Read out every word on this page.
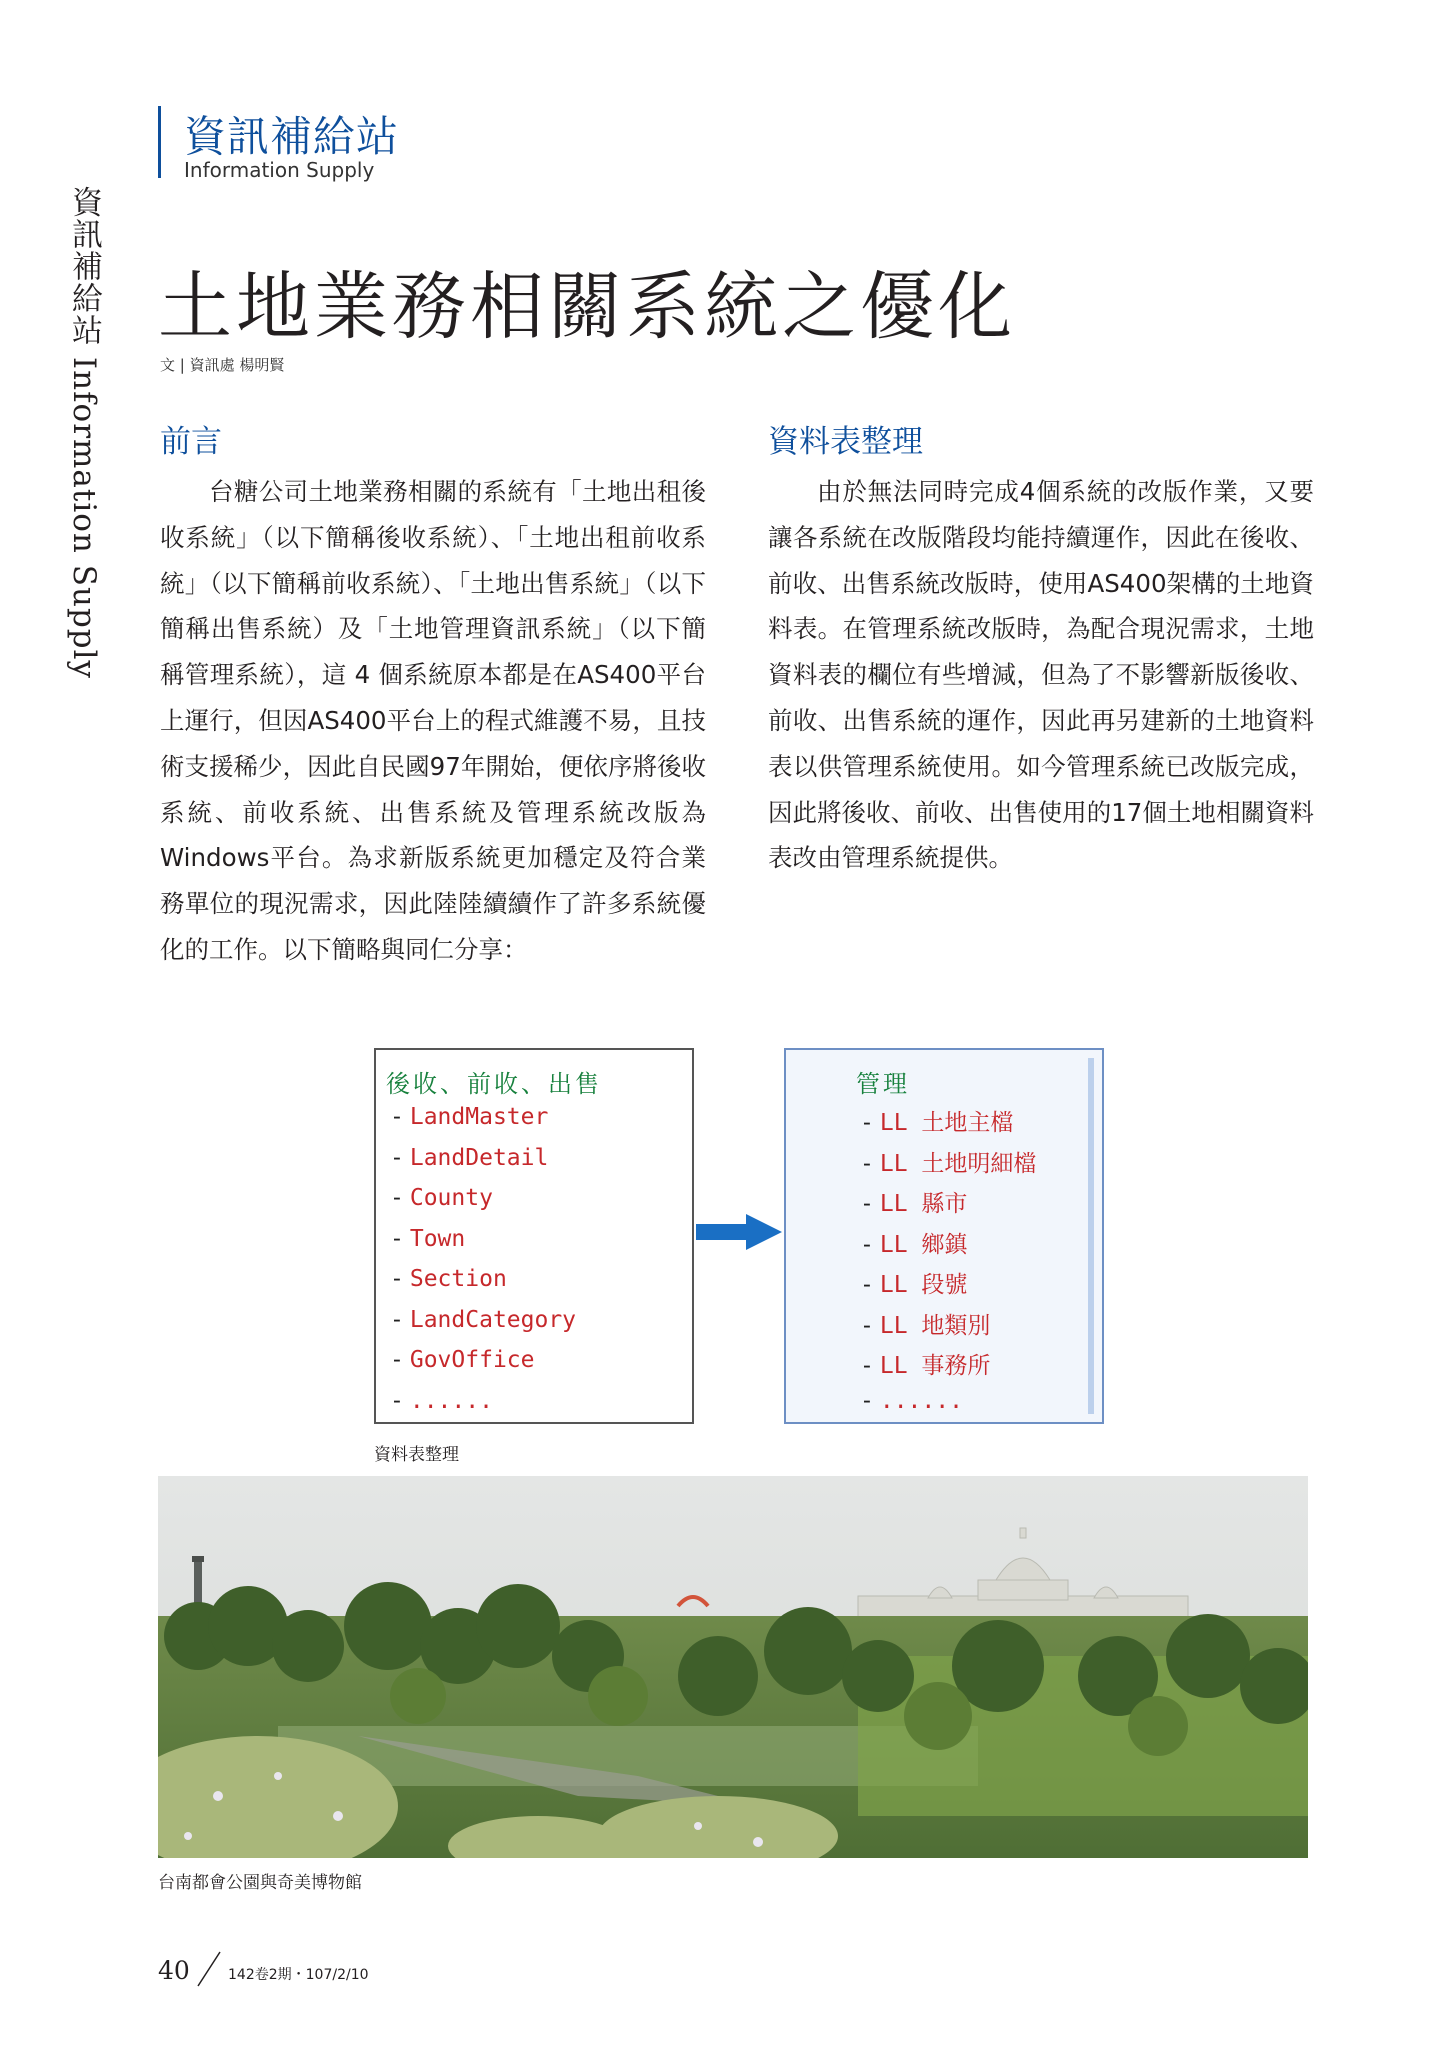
資訊補給站 Information Supply
資訊補給站
Information Supply
土地業務相關系統之優化
文 | 資訊處 楊明賢
前言

台糖公司土地業務相關的系統有「土地出租後收系統」（以下簡稱後收系統）、「土地出租前收系統」（以下簡稱前收系統）、「土地出售系統」（以下簡稱出售系統）及「土地管理資訊系統」（以下簡稱管理系統），這 4 個系統原本都是在AS400平台上運行，但因AS400平台上的程式維護不易，且技術支援稀少，因此自民國97年開始，便依序將後收系統、前收系統、出售系統及管理系統改版為Windows平台。為求新版系統更加穩定及符合業務單位的現況需求，因此陸陸續續作了許多系統優化的工作。以下簡略與同仁分享：

資料表整理

由於無法同時完成4個系統的改版作業，又要讓各系統在改版階段均能持續運作，因此在後收、前收、出售系統改版時，使用AS400架構的土地資料表。在管理系統改版時，為配合現況需求，土地資料表的欄位有些增減，但為了不影響新版後收、前收、出售系統的運作，因此再另建新的土地資料表以供管理系統使用。如今管理系統已改版完成，因此將後收、前收、出售使用的17個土地相關資料表改由管理系統提供。

後收、前收、出售
- LandMaster
- LandDetail
- County
- Town
- Section
- LandCategory
- GovOffice
- ......
管理
- LL 土地主檔
- LL 土地明細檔
- LL 縣市
- LL 鄉鎮
- LL 段號
- LL 地類別
- LL 事務所
- ......
資料表整理
台南都會公園與奇美博物館
40	142卷2期・107/2/10
